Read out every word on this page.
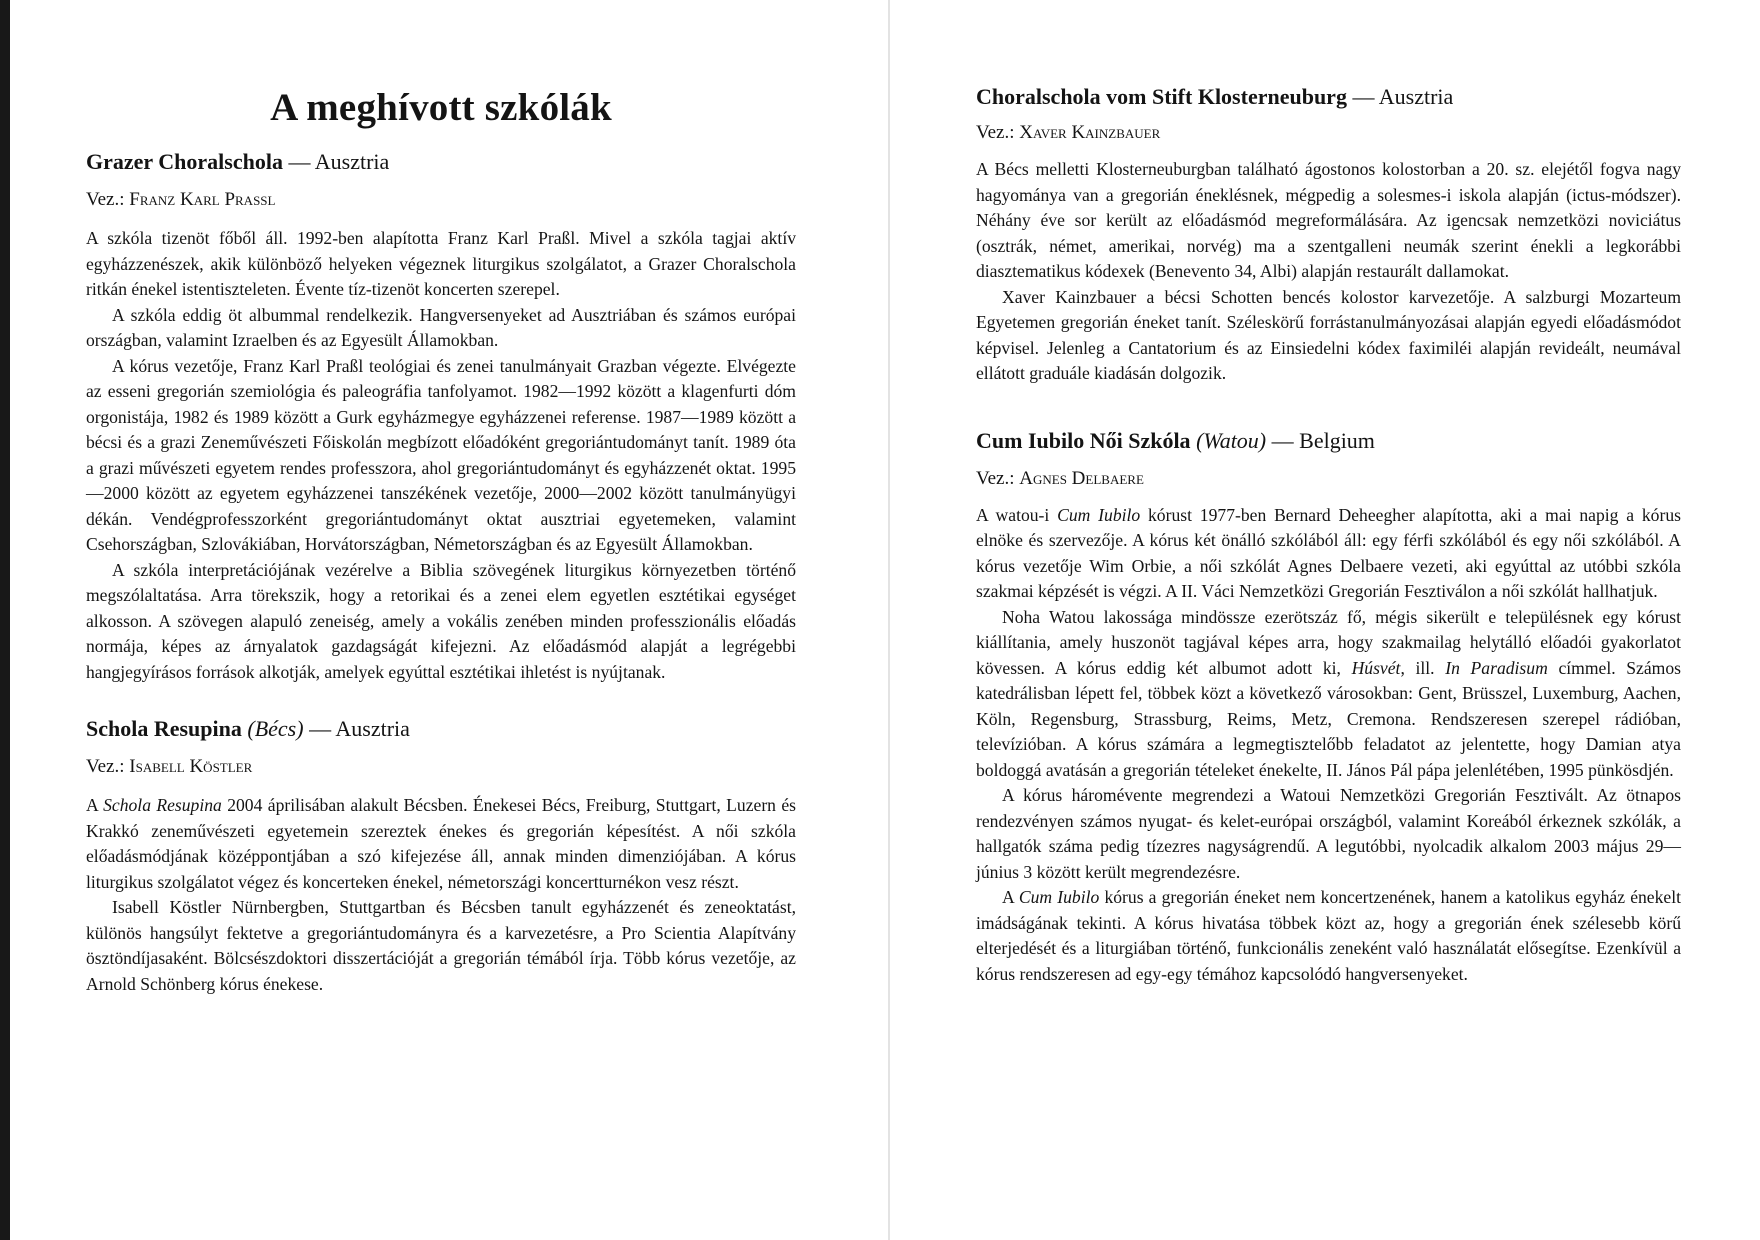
A meghívott szkólák
Grazer Choralschola — Ausztria

Vez.: Franz Karl Prassl

A szkóla tizenöt főből áll. 1992-ben alapította Franz Karl Praßl. Mivel a szkóla tagjai aktív egyházzenészek, akik különböző helyeken végeznek liturgikus szolgálatot, a Grazer Choralschola ritkán énekel istentiszteleten. Évente tíz-tizenöt koncerten szerepel.

A szkóla eddig öt albummal rendelkezik. Hangversenyeket ad Ausztriában és számos európai országban, valamint Izraelben és az Egyesült Államokban.

A kórus vezetője, Franz Karl Praßl teológiai és zenei tanulmányait Grazban végezte. Elvégezte az esseni gregorián szemiológia és paleográfia tanfolyamot. 1982—1992 között a klagenfurti dóm orgonistája, 1982 és 1989 között a Gurk egyházmegye egyházzenei referense. 1987—1989 között a bécsi és a grazi Zeneművészeti Főiskolán megbízott előadóként gregoriántudományt tanít. 1989 óta a grazi művészeti egyetem rendes professzora, ahol gregoriántudományt és egyházzenét oktat. 1995—2000 között az egyetem egyházzenei tanszékének vezetője, 2000—2002 között tanulmányügyi dékán. Vendégprofesszorként gregoriántudományt oktat ausztriai egyetemeken, valamint Csehországban, Szlovákiában, Horvátországban, Németországban és az Egyesült Államokban.

A szkóla interpretációjának vezérelve a Biblia szövegének liturgikus környezetben történő megszólaltatása. Arra törekszik, hogy a retorikai és a zenei elem egyetlen esztétikai egységet alkosson. A szövegen alapuló zeneiség, amely a vokális zenében minden professzionális előadás normája, képes az árnyalatok gazdagságát kifejezni. Az előadásmód alapját a legrégebbi hangjegyírásos források alkotják, amelyek egyúttal esztétikai ihletést is nyújtanak.

Schola Resupina (Bécs) — Ausztria

Vez.: Isabell Köstler

A Schola Resupina 2004 áprilisában alakult Bécsben. Énekesei Bécs, Freiburg, Stuttgart, Luzern és Krakkó zeneművészeti egyetemein szereztek énekes és gregorián képesítést. A női szkóla előadásmódjának középpontjában a szó kifejezése áll, annak minden dimenziójában. A kórus liturgikus szolgálatot végez és koncerteken énekel, németországi koncertturnékon vesz részt.

Isabell Köstler Nürnbergben, Stuttgartban és Bécsben tanult egyházzenét és zeneoktatást, különös hangsúlyt fektetve a gregoriántudományra és a karvezetésre, a Pro Scientia Alapítvány ösztöndíjasaként. Bölcsészdoktori disszertációját a gregorián témából írja. Több kórus vezetője, az Arnold Schönberg kórus énekese.

Choralschola vom Stift Klosterneuburg — Ausztria

Vez.: Xaver Kainzbauer

A Bécs melletti Klosterneuburgban található ágostonos kolostorban a 20. sz. elejétől fogva nagy hagyománya van a gregorián éneklésnek, mégpedig a solesmes-i iskola alapján (ictus-módszer). Néhány éve sor került az előadásmód megreformálására. Az igencsak nemzetközi noviciátus (osztrák, német, amerikai, norvég) ma a szentgalleni neumák szerint énekli a legkorábbi diasztematikus kódexek (Benevento 34, Albi) alapján restaurált dallamokat.

Xaver Kainzbauer a bécsi Schotten bencés kolostor karvezetője. A salzburgi Mozarteum Egyetemen gregorián éneket tanít. Széleskörű forrástanulmányozásai alapján egyedi előadásmódot képvisel. Jelenleg a Cantatorium és az Einsiedelni kódex faximiléi alapján revideált, neumával ellátott graduále kiadásán dolgozik.

Cum Iubilo Női Szkóla (Watou) — Belgium

Vez.: Agnes Delbaere

A watou-i Cum Iubilo kórust 1977-ben Bernard Deheegher alapította, aki a mai napig a kórus elnöke és szervezője. A kórus két önálló szkólából áll: egy férfi szkólából és egy női szkólából. A kórus vezetője Wim Orbie, a női szkólát Agnes Delbaere vezeti, aki egyúttal az utóbbi szkóla szakmai képzését is végzi. A II. Váci Nemzetközi Gregorián Fesztiválon a női szkólát hallhatjuk.

Noha Watou lakossága mindössze ezerötszáz fő, mégis sikerült e településnek egy kórust kiállítania, amely huszonöt tagjával képes arra, hogy szakmailag helytálló előadói gyakorlatot kövessen. A kórus eddig két albumot adott ki, Húsvét, ill. In Paradisum címmel. Számos katedrálisban lépett fel, többek közt a következő városokban: Gent, Brüsszel, Luxemburg, Aachen, Köln, Regensburg, Strassburg, Reims, Metz, Cremona. Rendszeresen szerepel rádióban, televízióban. A kórus számára a legmegtisztelőbb feladatot az jelentette, hogy Damian atya boldoggá avatásán a gregorián tételeket énekelte, II. János Pál pápa jelenlétében, 1995 pünkösdjén.

A kórus háromévente megrendezi a Watoui Nemzetközi Gregorián Fesztivált. Az ötnapos rendezvényen számos nyugat- és kelet-európai országból, valamint Koreából érkeznek szkólák, a hallgatók száma pedig tízezres nagyságrendű. A legutóbbi, nyolcadik alkalom 2003 május 29—június 3 között került megrendezésre.

A Cum Iubilo kórus a gregorián éneket nem koncertzenének, hanem a katolikus egyház énekelt imádságának tekinti. A kórus hivatása többek közt az, hogy a gregorián ének szélesebb körű elterjedését és a liturgiában történő, funkcionális zeneként való használatát elősegítse. Ezenkívül a kórus rendszeresen ad egy-egy témához kapcsolódó hangversenyeket.
